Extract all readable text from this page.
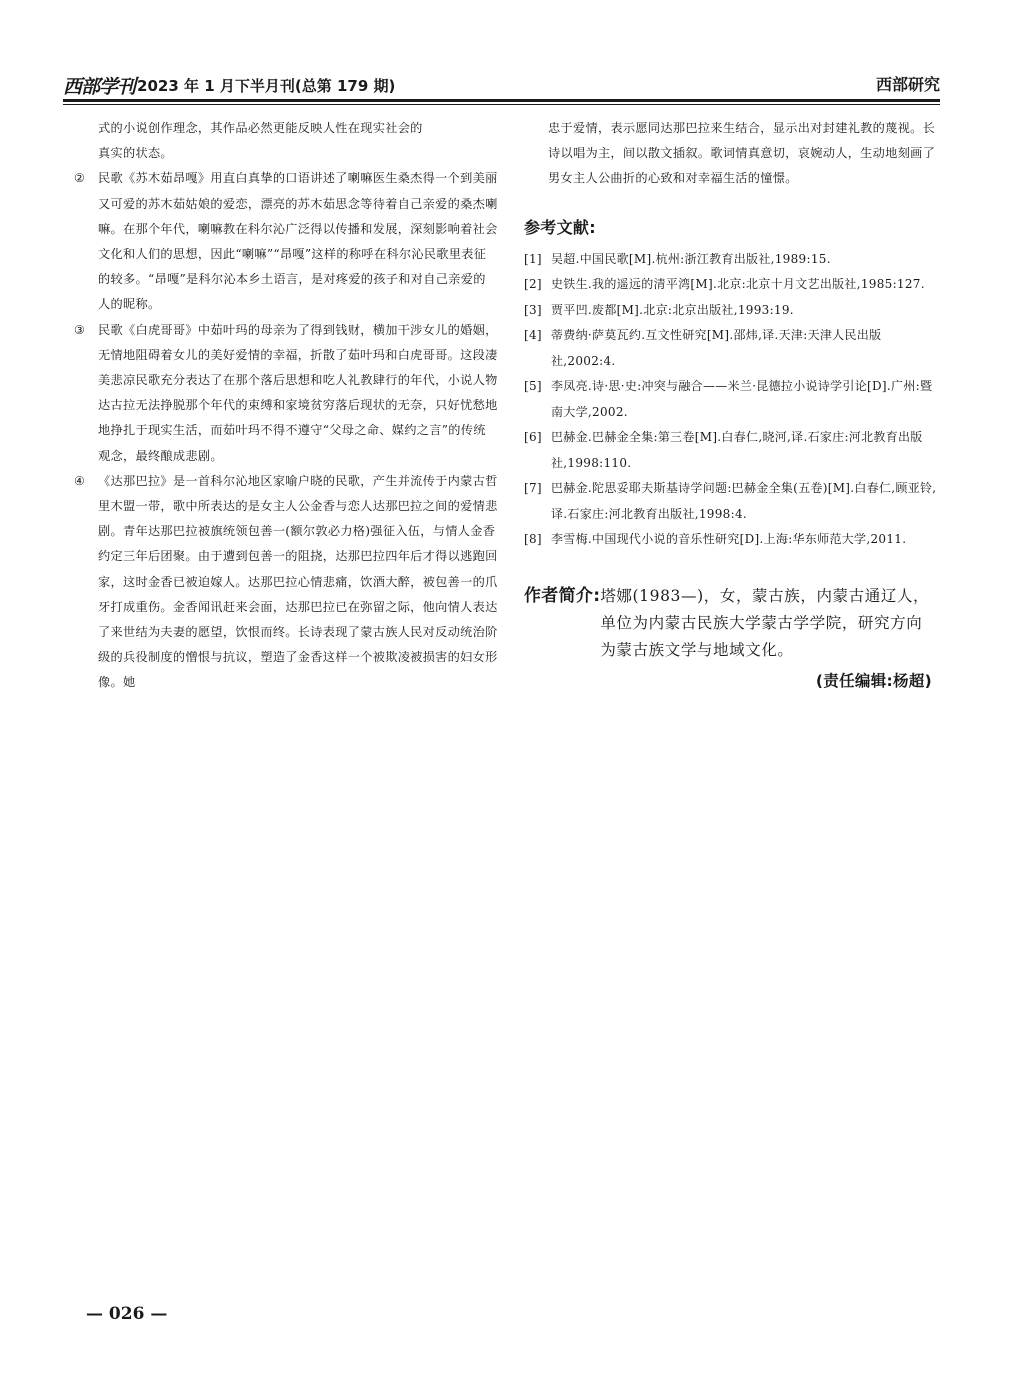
西部学刊 2023 年 1 月下半月刊(总第 179 期)	西部研究
式的小说创作理念，其作品必然更能反映人性在现实社会的
真实的状态。

② 民歌《苏木茹昂嘎》用直白真挚的口语讲述了喇嘛医生桑杰得一个到美丽又可爱的苏木茹姑娘的爱恋，漂亮的苏木茹思念等待着自己亲爱的桑杰喇嘛。在那个年代，喇嘛教在科尔沁广泛得以传播和发展，深刻影响着社会文化和人们的思想，因此“喇嘛”“昂嘎”这样的称呼在科尔沁民歌里表征的较多。“昂嘎”是科尔沁本乡土语言，是对疼爱的孩子和对自己亲爱的人的昵称。

③ 民歌《白虎哥哥》中茹叶玛的母亲为了得到钱财，横加干涉女儿的婚姻，无情地阻碍着女儿的美好爱情的幸福，折散了茹叶玛和白虎哥哥。这段凄美悲凉民歌充分表达了在那个落后思想和吃人礼教肆行的年代，小说人物达古拉无法挣脱那个年代的束缚和家境贫穷落后现状的无奈，只好忧愁地地挣扎于现实生活，而茹叶玛不得不遵守“父母之命、媒约之言”的传统观念，最终酿成悲剧。

④ 《达那巴拉》是一首科尔沁地区家喻户晓的民歌，产生并流传于内蒙古哲里木盟一带，歌中所表达的是女主人公金香与恋人达那巴拉之间的爱情悲剧。青年达那巴拉被旗统领包善一(额尔敦必力格)强征入伍，与情人金香约定三年后团聚。由于遭到包善一的阻挠，达那巴拉四年后才得以逃跑回家，这时金香已被迫嫁人。达那巴拉心情悲痛，饮酒大醉，被包善一的爪牙打成重伤。金香闻讯赶来会面，达那巴拉已在弥留之际，他向情人表达了来世结为夫妻的愿望，饮恨而终。长诗表现了蒙古族人民对反动统治阶级的兵役制度的憎恨与抗议，塑造了金香这样一个被欺凌被损害的妇女形像。她

忠于爱情，表示愿同达那巴拉来生结合，显示出对封建礼教的蔑视。长诗以唱为主，间以散文插叙。歌词情真意切，哀婉动人，生动地刻画了男女主人公曲折的心致和对幸福生活的憧憬。

参考文献:

[1] 吴超.中国民歌[M].杭州:浙江教育出版社,1989:15.

[2] 史铁生.我的遥远的清平湾[M].北京:北京十月文艺出版社,1985:127.

[3] 贾平凹.废都[M].北京:北京出版社,1993:19.

[4] 蒂费纳·萨莫瓦约.互文性研究[M].邵炜,译.天津:天津人民出版社,2002:4.

[5] 李凤亮.诗·思·史:冲突与融合——米兰·昆德拉小说诗学引论[D].广州:暨南大学,2002.

[6] 巴赫金.巴赫金全集:第三卷[M].白春仁,晓河,译.石家庄:河北教育出版社,1998:110.

[7] 巴赫金.陀思妥耶夫斯基诗学问题:巴赫金全集(五卷)[M].白春仁,顾亚铃,译.石家庄:河北教育出版社,1998:4.

[8] 李雪梅.中国现代小说的音乐性研究[D].上海:华东师范大学,2011.

作者简介: 塔娜(1983—)，女，蒙古族，内蒙古通辽人，单位为内蒙古民族大学蒙古学学院，研究方向为蒙古族文学与地域文化。
(责任编辑:杨超)
— 026 —
